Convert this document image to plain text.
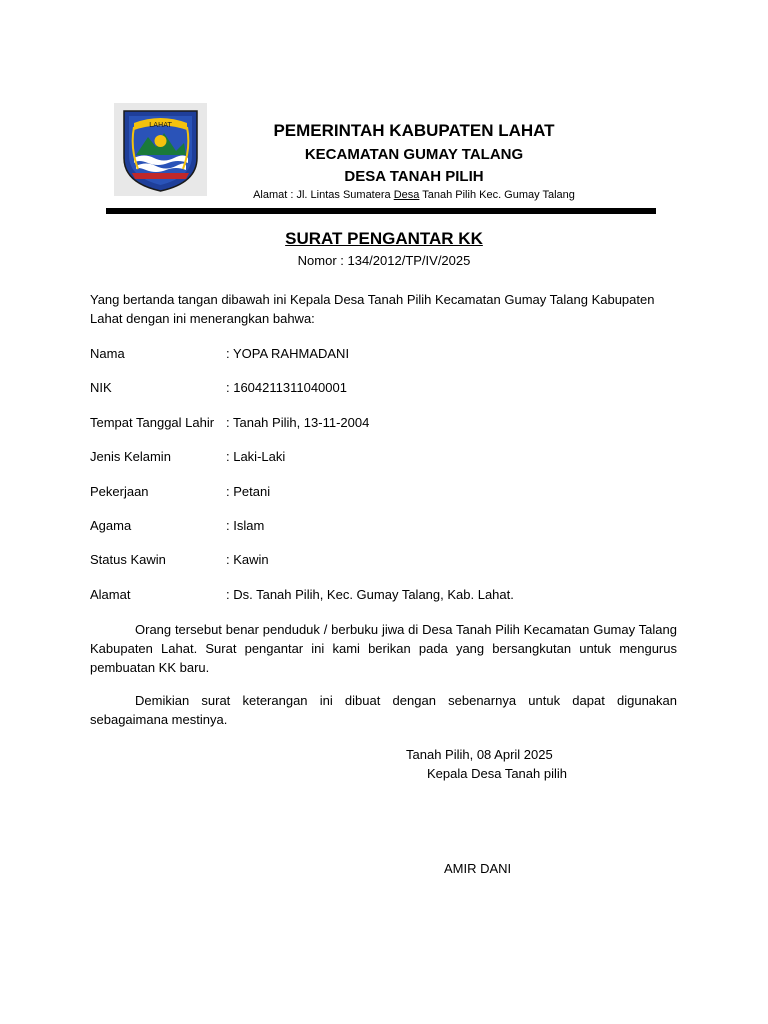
LAHAT	PEMERINTAH KABUPATEN LAHAT
KECAMATAN GUMAY TALANG
DESA TANAH PILIH
Alamat : Jl. Lintas Sumatera Desa Tanah Pilih Kec. Gumay Talang
SURAT PENGANTAR KK
Nomor : 134/2012/TP/IV/2025
Yang bertanda tangan dibawah ini Kepala Desa Tanah Pilih Kecamatan Gumay Talang Kabupaten Lahat dengan ini menerangkan bahwa:
Nama	: YOPA RAHMADANI
NIK	: 1604211311040001
Tempat Tanggal Lahir : Tanah Pilih, 13-11-2004
Jenis Kelamin	: Laki-Laki
Pekerjaan	: Petani
Agama	: Islam
Status Kawin	: Kawin
Alamat	: Ds. Tanah Pilih, Kec. Gumay Talang, Kab. Lahat.
Orang tersebut benar penduduk / berbuku jiwa di Desa Tanah Pilih Kecamatan Gumay Talang Kabupaten Lahat. Surat pengantar ini kami berikan pada yang bersangkutan untuk mengurus pembuatan KK baru.
Demikian surat keterangan ini dibuat dengan sebenarnya untuk dapat digunakan sebagaimana mestinya.
Tanah Pilih, 08 April 2025
Kepala Desa Tanah pilih
AMIR DANI
